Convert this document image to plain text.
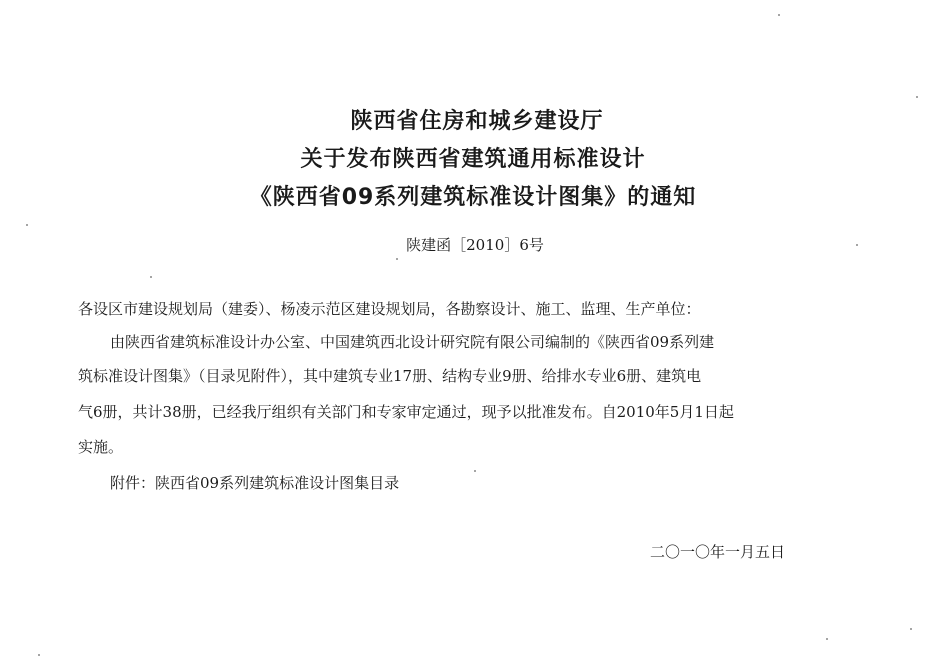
陕西省住房和城乡建设厅
关于发布陕西省建筑通用标准设计
《陕西省09系列建筑标准设计图集》的通知
陕建函［2010］6号
各设区市建设规划局（建委）、杨凌示范区建设规划局，各勘察设计、施工、监理、生产单位：
由陕西省建筑标准设计办公室、中国建筑西北设计研究院有限公司编制的《陕西省09系列建
筑标准设计图集》（目录见附件），其中建筑专业17册、结构专业9册、给排水专业6册、建筑电
气6册，共计38册，已经我厅组织有关部门和专家审定通过，现予以批准发布。自2010年5月1日起
实施。
附件：陕西省09系列建筑标准设计图集目录
二〇一〇年一月五日
